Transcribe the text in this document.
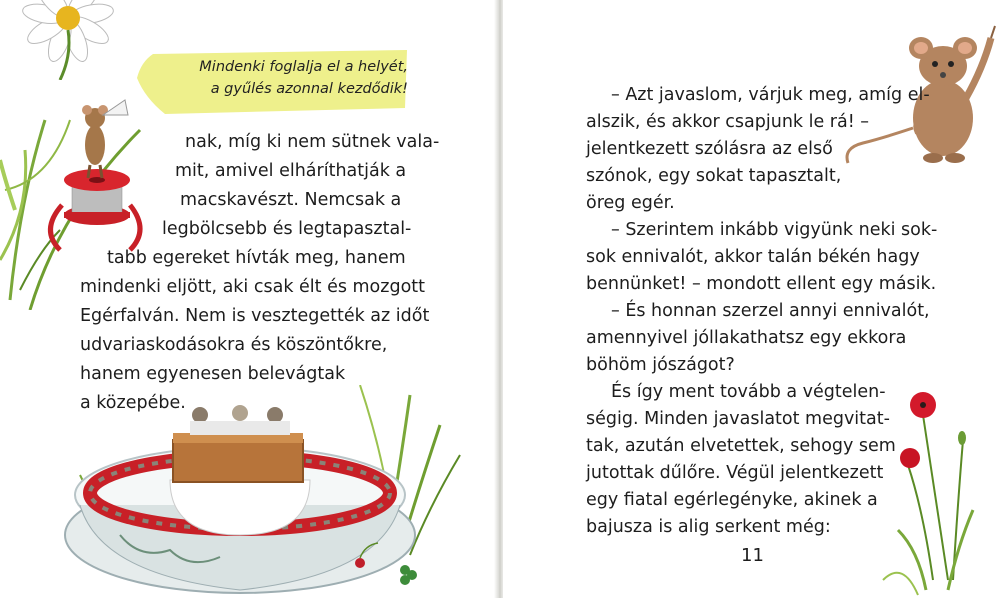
Mindenki foglalja el a helyét,
a gyűlés azonnal kezdődik!
nak, míg ki nem sütnek vala-
mit, amivel elháríthatják a
macskavészt. Nemcsak a
legbölcsebb és legtapasztal-
tabb egereket hívták meg, hanem
mindenki eljött, aki csak élt és mozgott
Egérfalván. Nem is vesztegették az időt
udvariaskodásokra és köszöntőkre,
hanem egyenesen belevágtak
a közepébe.
– Azt javaslom, várjuk meg, amíg el-
alszik, és akkor csapjunk le rá! –
jelentkezett szólásra az első
szónok, egy sokat tapasztalt,
öreg egér.
– Szerintem inkább vigyünk neki sok-
sok ennivalót, akkor talán békén hagy
bennünket! – mondott ellent egy másik.
– És honnan szerzel annyi ennivalót,
amennyivel jóllakathatsz egy ekkora
böhöm jószágot?
És így ment tovább a végtelen-
ségig. Minden javaslatot megvitat-
tak, azután elvetettek, sehogy sem
jutottak dűlőre. Végül jelentkezett
egy fiatal egérlegényke, akinek a
bajusza is alig serkent még:
11
